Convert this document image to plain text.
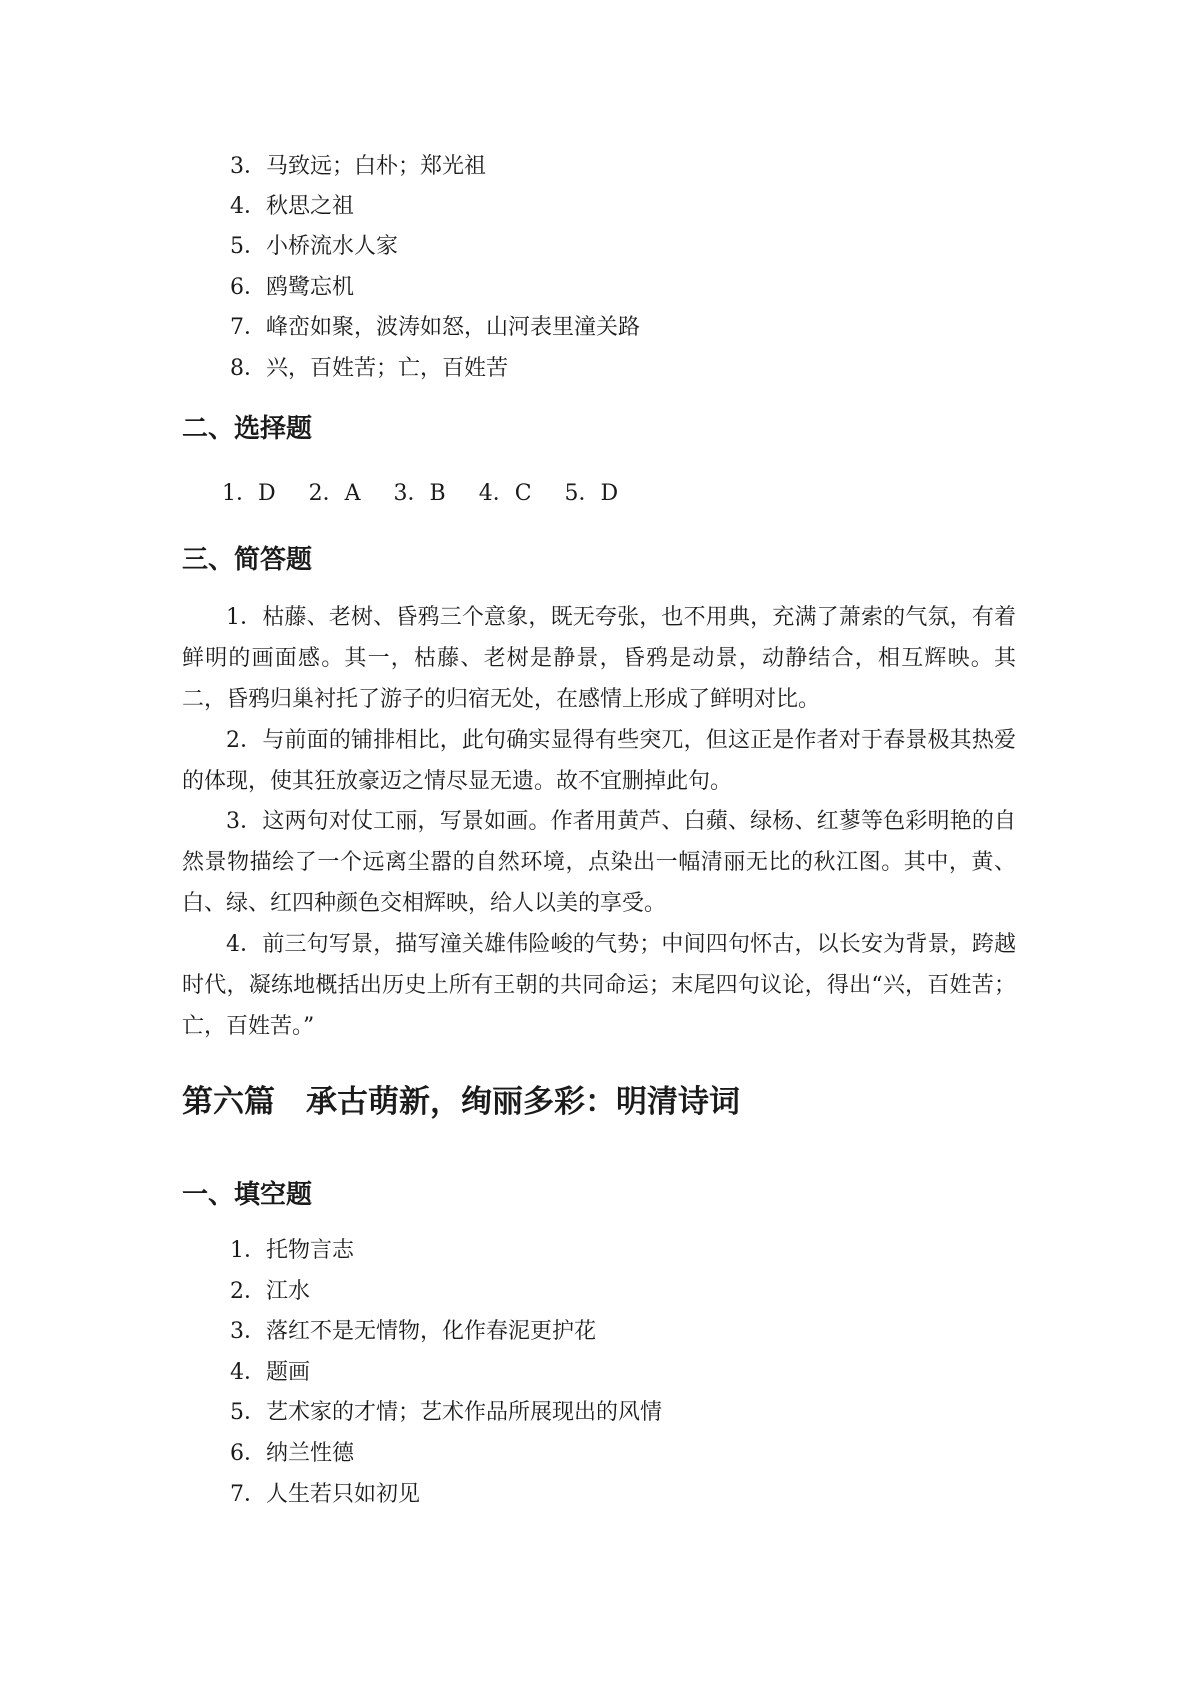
3．马致远；白朴；郑光祖
4．秋思之祖
5．小桥流水人家
6．鸥鹭忘机
7．峰峦如聚，波涛如怒，山河表里潼关路
8．兴，百姓苦；亡，百姓苦
二、选择题
1．D 2．A 3．B 4．C 5．D
三、简答题
1．枯藤、老树、昏鸦三个意象，既无夸张，也不用典，充满了萧索的气氛，有着鲜明的画面感。其一，枯藤、老树是静景，昏鸦是动景，动静结合，相互辉映。其二，昏鸦归巢衬托了游子的归宿无处，在感情上形成了鲜明对比。
2．与前面的铺排相比，此句确实显得有些突兀，但这正是作者对于春景极其热爱的体现，使其狂放豪迈之情尽显无遗。故不宜删掉此句。
3．这两句对仗工丽，写景如画。作者用黄芦、白蘋、绿杨、红蓼等色彩明艳的自然景物描绘了一个远离尘嚣的自然环境，点染出一幅清丽无比的秋江图。其中，黄、白、绿、红四种颜色交相辉映，给人以美的享受。
4．前三句写景，描写潼关雄伟险峻的气势；中间四句怀古，以长安为背景，跨越时代，凝练地概括出历史上所有王朝的共同命运；末尾四句议论，得出“兴，百姓苦；亡，百姓苦。”
第六篇　承古萌新，绚丽多彩：明清诗词
一、填空题
1．托物言志
2．江水
3．落红不是无情物，化作春泥更护花
4．题画
5．艺术家的才情；艺术作品所展现出的风情
6．纳兰性德
7．人生若只如初见
